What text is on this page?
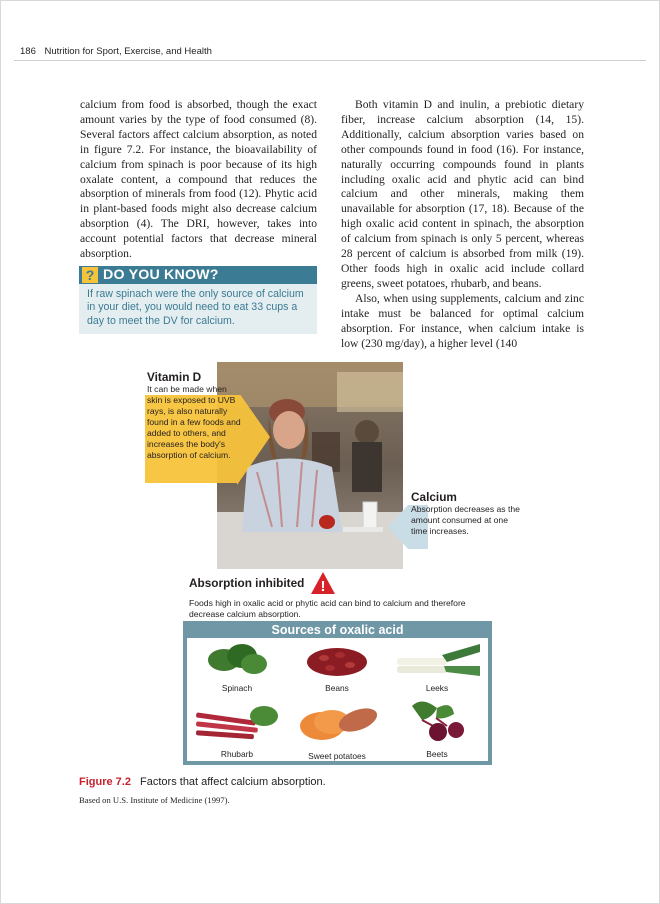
186 Nutrition for Sport, Exercise, and Health

calcium from food is absorbed, though the exact amount varies by the type of food consumed (8). Several factors affect calcium absorption, as noted in figure 7.2. For instance, the bioavailability of calcium from spinach is poor because of its high oxalate content, a compound that reduces the absorption of minerals from food (12). Phytic acid in plant-based foods might also decrease calcium absorption (4). The DRI, however, takes into account potential factors that decrease mineral absorption.

Both vitamin D and inulin, a prebiotic dietary fiber, increase calcium absorption (14, 15). Additionally, calcium absorption varies based on other compounds found in food (16). For instance, naturally occurring compounds found in plants including oxalic acid and phytic acid can bind calcium and other minerals, making them unavailable for absorption (17, 18). Because of the high oxalic acid content in spinach, the absorption of calcium from spinach is only 5 percent, whereas 28 percent of calcium is absorbed from milk (19). Other foods high in oxalic acid include collard greens, sweet potatoes, rhubarb, and beans.

Also, when using supplements, calcium and zinc intake must be balanced for optimal calcium absorption. For instance, when calcium intake is low (230 mg/day), a higher level (140

? DO YOU KNOW?
If raw spinach were the only source of calcium in your diet, you would need to eat 33 cups a day to meet the DV for calcium.
Vitamin D
It can be made when skin is exposed to UVB rays, is also naturally found in a few foods and added to others, and increases the body's absorption of calcium.
Calcium
Absorption decreases as the amount consumed at one time increases.
Absorption inhibited !
Foods high in oxalic acid or phytic acid can bind to calcium and therefore decrease calcium absorption.
Sources of oxalic acid
Spinach	Beans	Leeks
Rhubarb	Sweet potatoes	Beets
Figure 7.2 Factors that affect calcium absorption.
Based on U.S. Institute of Medicine (1997).
